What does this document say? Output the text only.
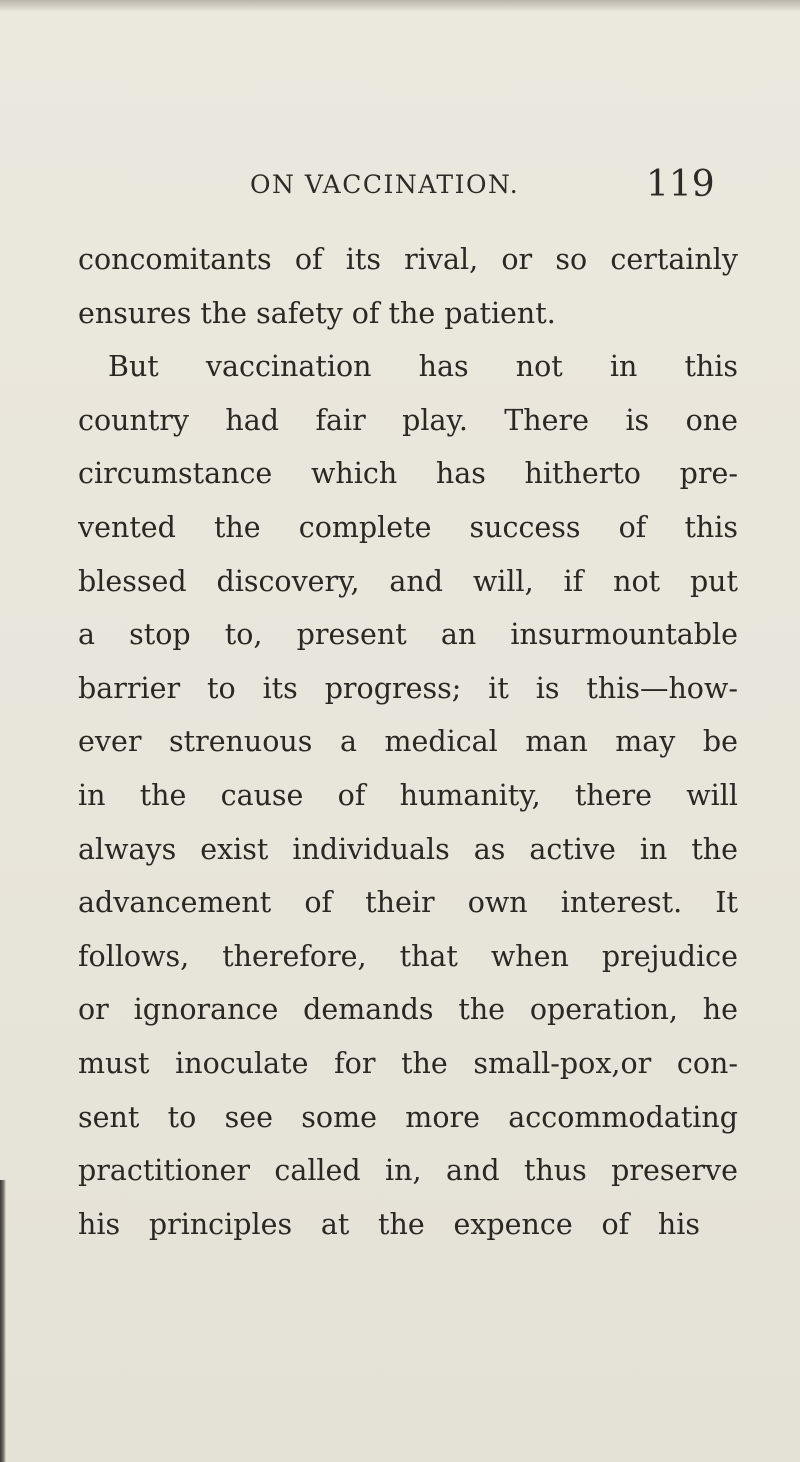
ON VACCINATION.	119
concomitants of its rival, or so certainly
ensures the safety of the patient.
But vaccination has not in this
country had fair play. There is one
circumstance which has hitherto pre-
vented the complete success of this
blessed discovery, and will, if not put
a stop to, present an insurmountable
barrier to its progress; it is this—how-
ever strenuous a medical man may be
in the cause of humanity, there will
always exist individuals as active in the
advancement of their own interest. It
follows, therefore, that when prejudice
or ignorance demands the operation, he
must inoculate for the small-pox,or con-
sent to see some more accommodating
practitioner called in, and thus preserve
his principles at the expence of his
